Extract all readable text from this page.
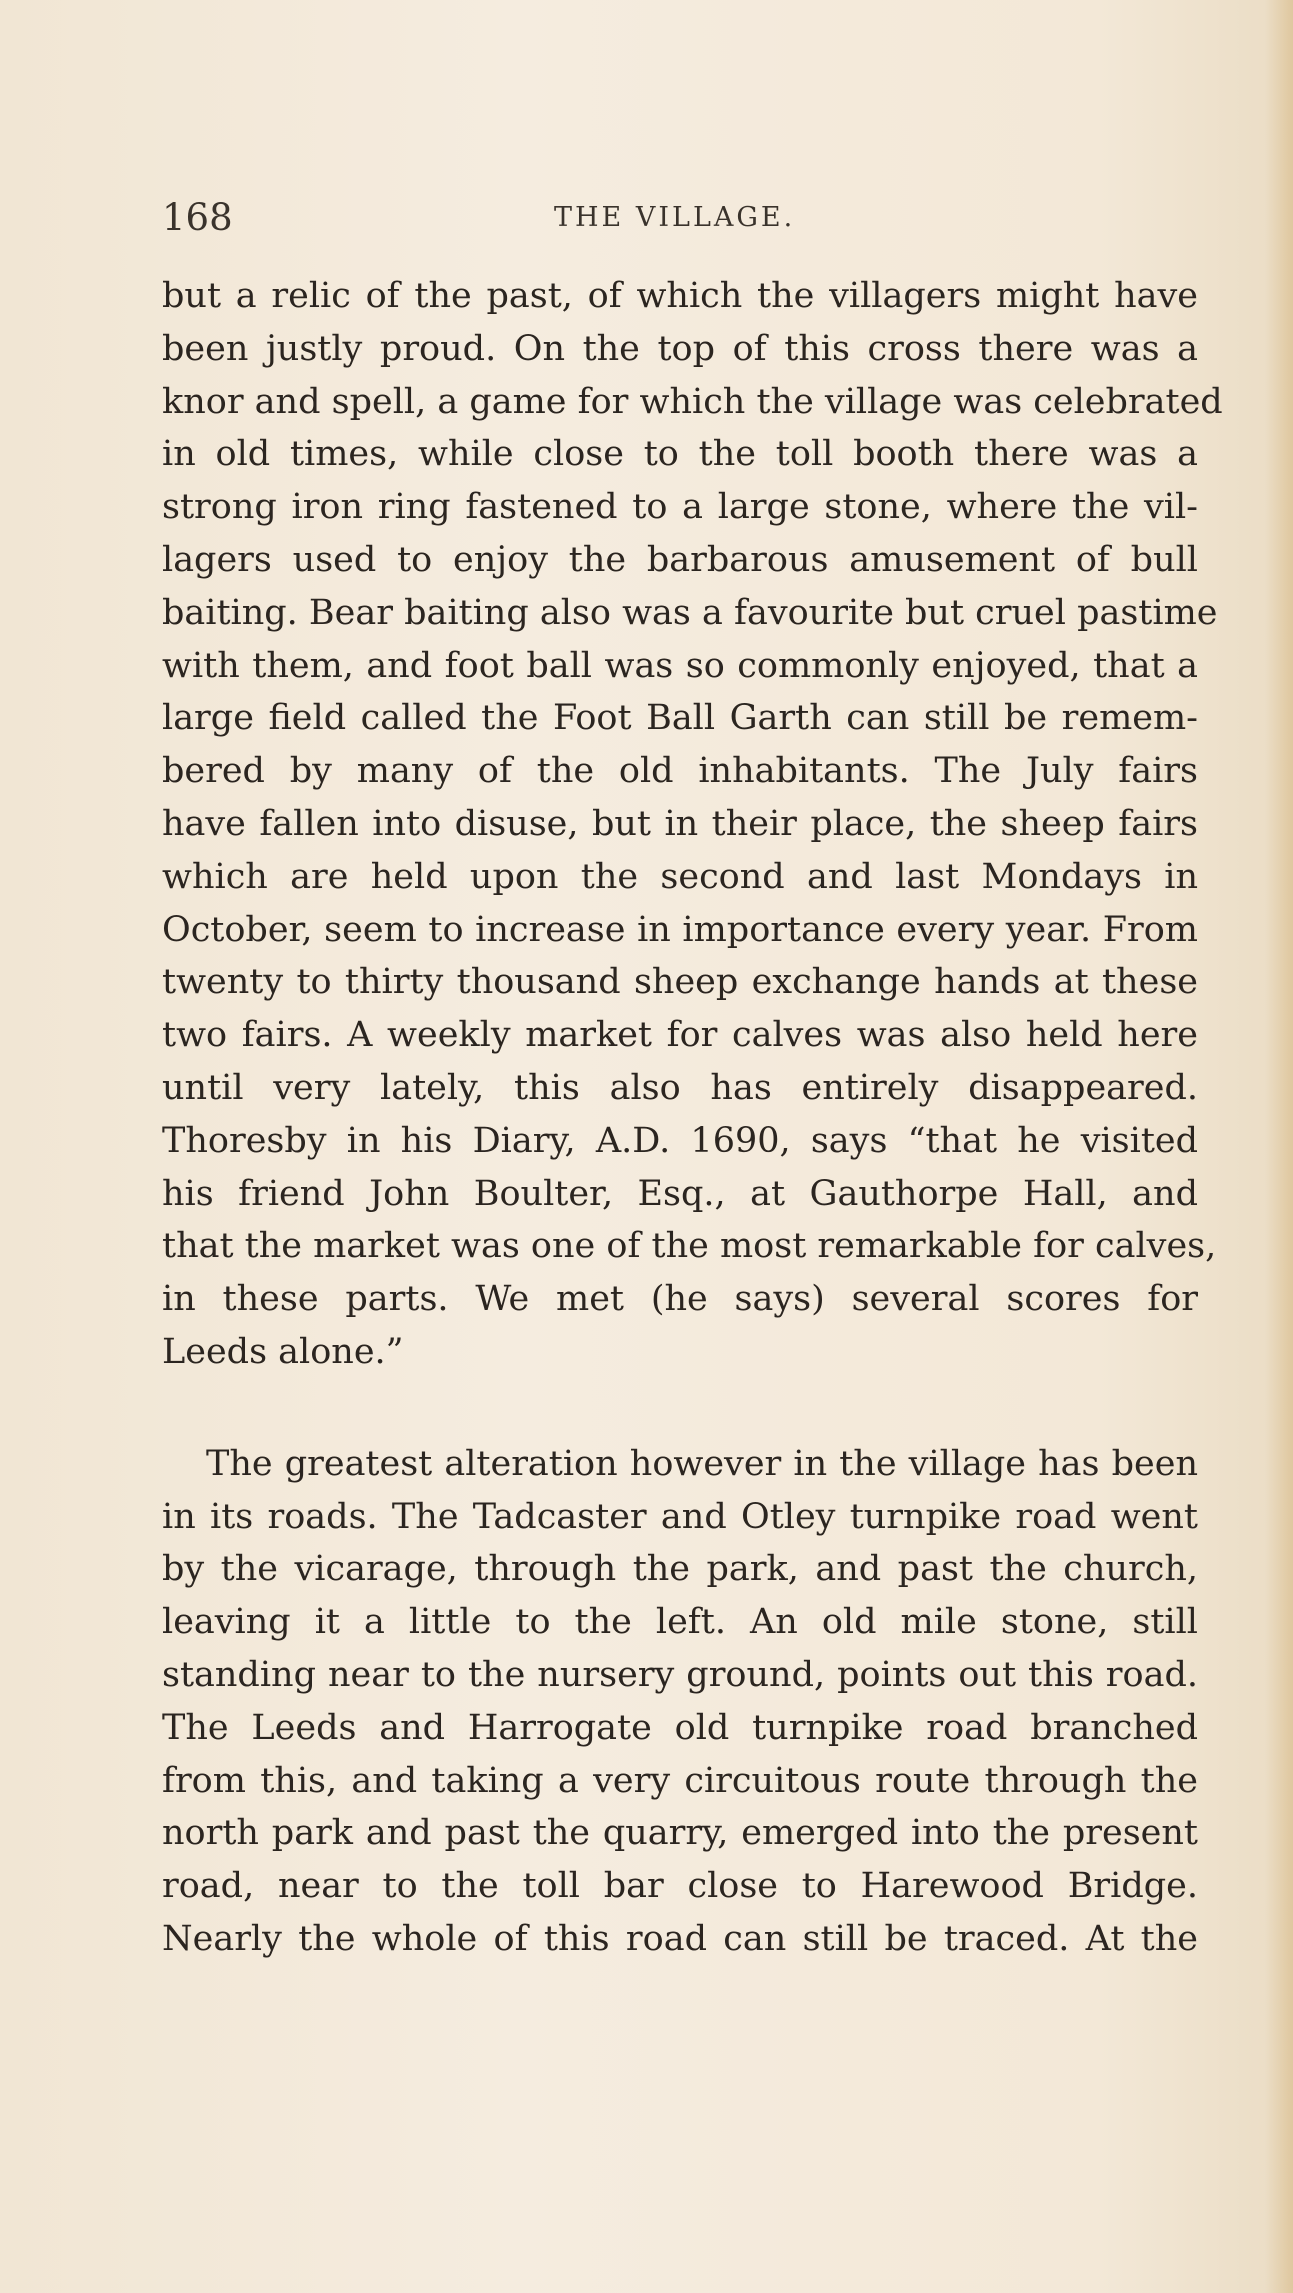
168	THE VILLAGE.
but a relic of the past, of which the villagers might have
been justly proud. On the top of this cross there was a
knor and spell, a game for which the village was celebrated
in old times, while close to the toll booth there was a
strong iron ring fastened to a large stone, where the vil-
lagers used to enjoy the barbarous amusement of bull
baiting. Bear baiting also was a favourite but cruel pastime
with them, and foot ball was so commonly enjoyed, that a
large field called the Foot Ball Garth can still be remem-
bered by many of the old inhabitants. The July fairs
have fallen into disuse, but in their place, the sheep fairs
which are held upon the second and last Mondays in
October, seem to increase in importance every year. From
twenty to thirty thousand sheep exchange hands at these
two fairs. A weekly market for calves was also held here
until very lately, this also has entirely disappeared.
Thoresby in his Diary, A.D. 1690, says “that he visited
his friend John Boulter, Esq., at Gauthorpe Hall, and
that the market was one of the most remarkable for calves,
in these parts. We met (he says) several scores for
Leeds alone.”
The greatest alteration however in the village has been
in its roads. The Tadcaster and Otley turnpike road went
by the vicarage, through the park, and past the church,
leaving it a little to the left. An old mile stone, still
standing near to the nursery ground, points out this road.
The Leeds and Harrogate old turnpike road branched
from this, and taking a very circuitous route through the
north park and past the quarry, emerged into the present
road, near to the toll bar close to Harewood Bridge.
Nearly the whole of this road can still be traced. At the
